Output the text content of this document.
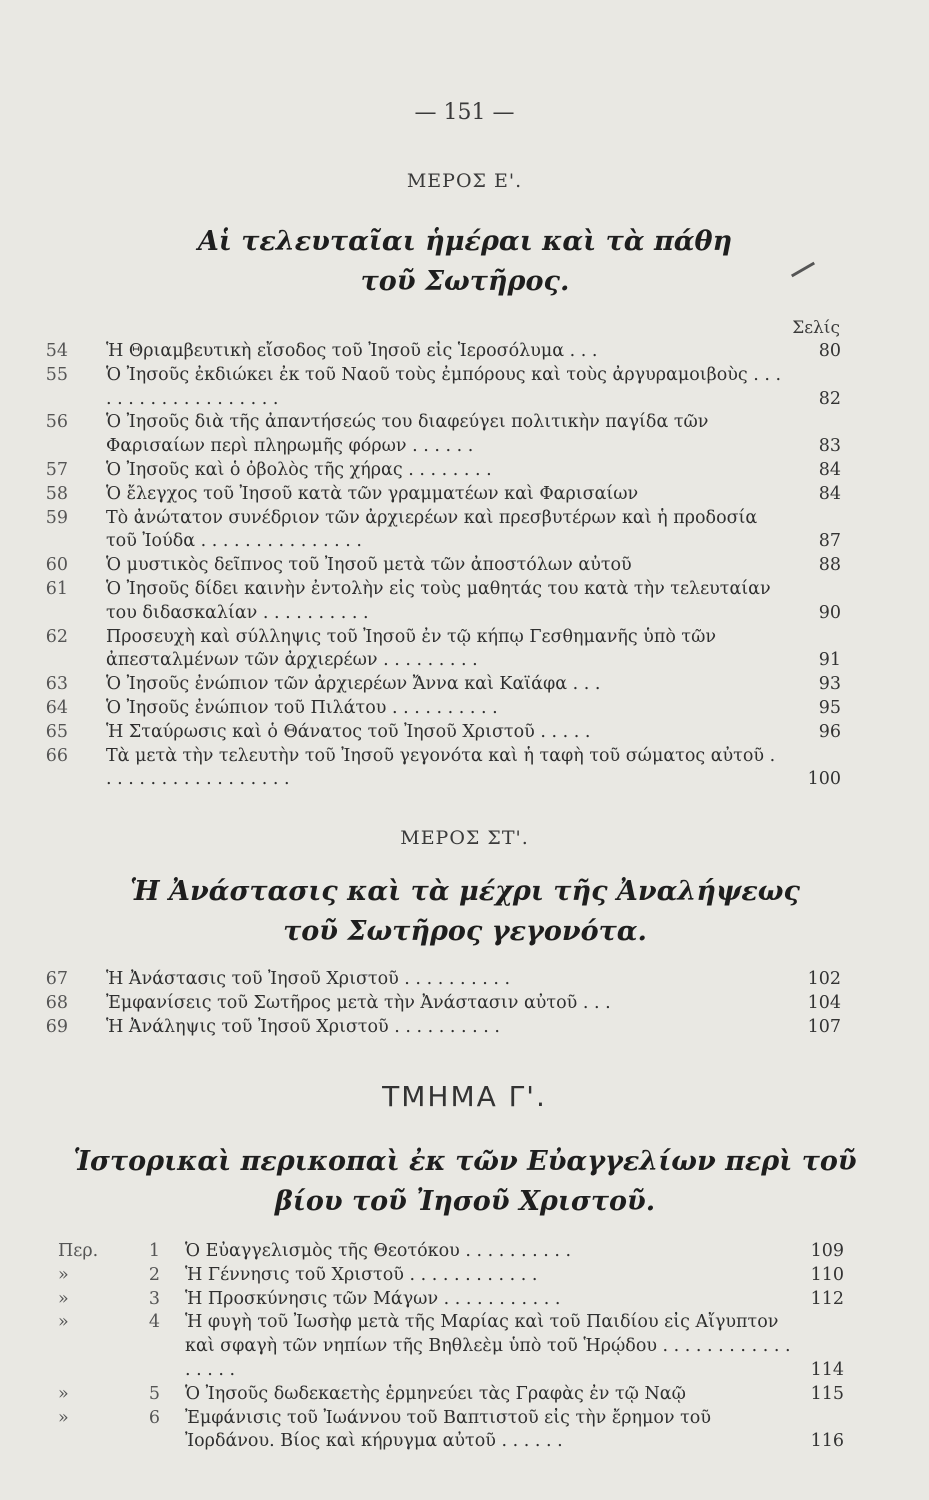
— 151 —
ΜΕΡΟΣ Ε'.
Αἱ τελευταῖαι ἡμέραι καὶ τὰ πάθη
τοῦ Σωτῆρος.
Σελίς
54 Ἡ Θριαμβευτικὴ εἴσοδος τοῦ Ἰησοῦ εἰς Ἱεροσόλυμα . . .	80
55 Ὁ Ἰησοῦς ἐκδιώκει ἐκ τοῦ Ναοῦ τοὺς ἐμπόρους καὶ τοὺς ἀργυραμοιβοὺς . . . . . . . . . . . . . . . . . . .	82
56 Ὁ Ἰησοῦς διὰ τῆς ἀπαντήσεώς του διαφεύγει πολιτικὴν παγίδα τῶν Φαρισαίων περὶ πληρωμῆς φόρων . . . . . .	83
57 Ὁ Ἰησοῦς καὶ ὁ ὀβολὸς τῆς χήρας . . . . . . . .	84
58 Ὁ ἔλεγχος τοῦ Ἰησοῦ κατὰ τῶν γραμματέων καὶ Φαρισαίων	84
59 Τὸ ἀνώτατον συνέδριον τῶν ἀρχιερέων καὶ πρεσβυτέρων καὶ ἡ προδοσία τοῦ Ἰούδα . . . . . . . . . . . . . . .	87
60 Ὁ μυστικὸς δεῖπνος τοῦ Ἰησοῦ μετὰ τῶν ἀποστόλων αὐτοῦ	88
61 Ὁ Ἰησοῦς δίδει καινὴν ἐντολὴν εἰς τοὺς μαθητάς του κατὰ τὴν τελευταίαν του διδασκαλίαν . . . . . . . . . .	90
62 Προσευχὴ καὶ σύλληψις τοῦ Ἰησοῦ ἐν τῷ κήπῳ Γεσθημανῆς ὑπὸ τῶν ἀπεσταλμένων τῶν ἀρχιερέων . . . . . . . . .	91
63 Ὁ Ἰησοῦς ἐνώπιον τῶν ἀρχιερέων Ἄννα καὶ Καϊάφα . . .	93
64 Ὁ Ἰησοῦς ἐνώπιον τοῦ Πιλάτου . . . . . . . . . .	95
65 Ἡ Σταύρωσις καὶ ὁ Θάνατος τοῦ Ἰησοῦ Χριστοῦ . . . . .	96
66 Τὰ μετὰ τὴν τελευτὴν τοῦ Ἰησοῦ γεγονότα καὶ ἡ ταφὴ τοῦ σώματος αὐτοῦ . . . . . . . . . . . . . . . . . .	100
ΜΕΡΟΣ ΣΤ'.
Ἡ Ἀνάστασις καὶ τὰ μέχρι τῆς Ἀναλήψεως
τοῦ Σωτῆρος γεγονότα.
67 Ἡ Ἀνάστασις τοῦ Ἰησοῦ Χριστοῦ . . . . . . . . . .	102
68 Ἐμφανίσεις τοῦ Σωτῆρος μετὰ τὴν Ἀνάστασιν αὐτοῦ . . .	104
69 Ἡ Ἀνάληψις τοῦ Ἰησοῦ Χριστοῦ . . . . . . . . . .	107
ΤΜΗΜΑ Γ'.
Ἱστορικαὶ περικοπαὶ ἐκ τῶν Εὐαγγελίων περὶ τοῦ
βίου τοῦ Ἰησοῦ Χριστοῦ.
Περ.	1 Ὁ Εὐαγγελισμὸς τῆς Θεοτόκου . . . . . . . . . .	109
»	2 Ἡ Γέννησις τοῦ Χριστοῦ . . . . . . . . . . . .	110
»	3 Ἡ Προσκύνησις τῶν Μάγων . . . . . . . . . . .	112
»	4 Ἡ φυγὴ τοῦ Ἰωσὴφ μετὰ τῆς Μαρίας καὶ τοῦ Παιδίου εἰς Αἴγυπτον καὶ σφαγὴ τῶν νηπίων τῆς Βηθλεὲμ ὑπὸ τοῦ Ἡρῴδου . . . . . . . . . . . . . . . . .	114
»	5 Ὁ Ἰησοῦς δωδεκαετὴς ἑρμηνεύει τὰς Γραφὰς ἐν τῷ Ναῷ	115
»	6 Ἐμφάνισις τοῦ Ἰωάννου τοῦ Βαπτιστοῦ εἰς τὴν ἔρημον τοῦ Ἰορδάνου. Βίος καὶ κήρυγμα αὐτοῦ . . . . . .	116
